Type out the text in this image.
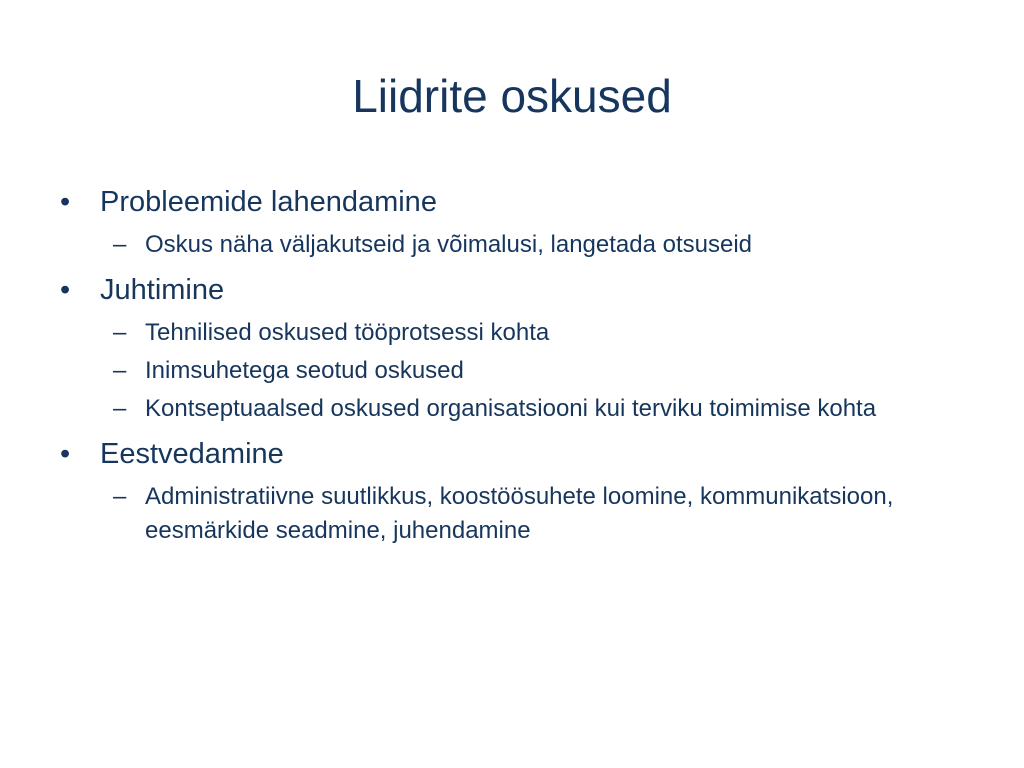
Liidrite oskused
•	Probleemide lahendamine
– Oskus näha väljakutseid ja võimalusi, langetada otsuseid
•	Juhtimine
– Tehnilised oskused tööprotsessi kohta
– Inimsuhetega seotud oskused
– Kontseptuaalsed oskused organisatsiooni kui terviku toimimise kohta
•	Eestvedamine
– Administratiivne suutlikkus, koostöösuhete loomine, kommunikatsioon, eesmärkide seadmine, juhendamine
